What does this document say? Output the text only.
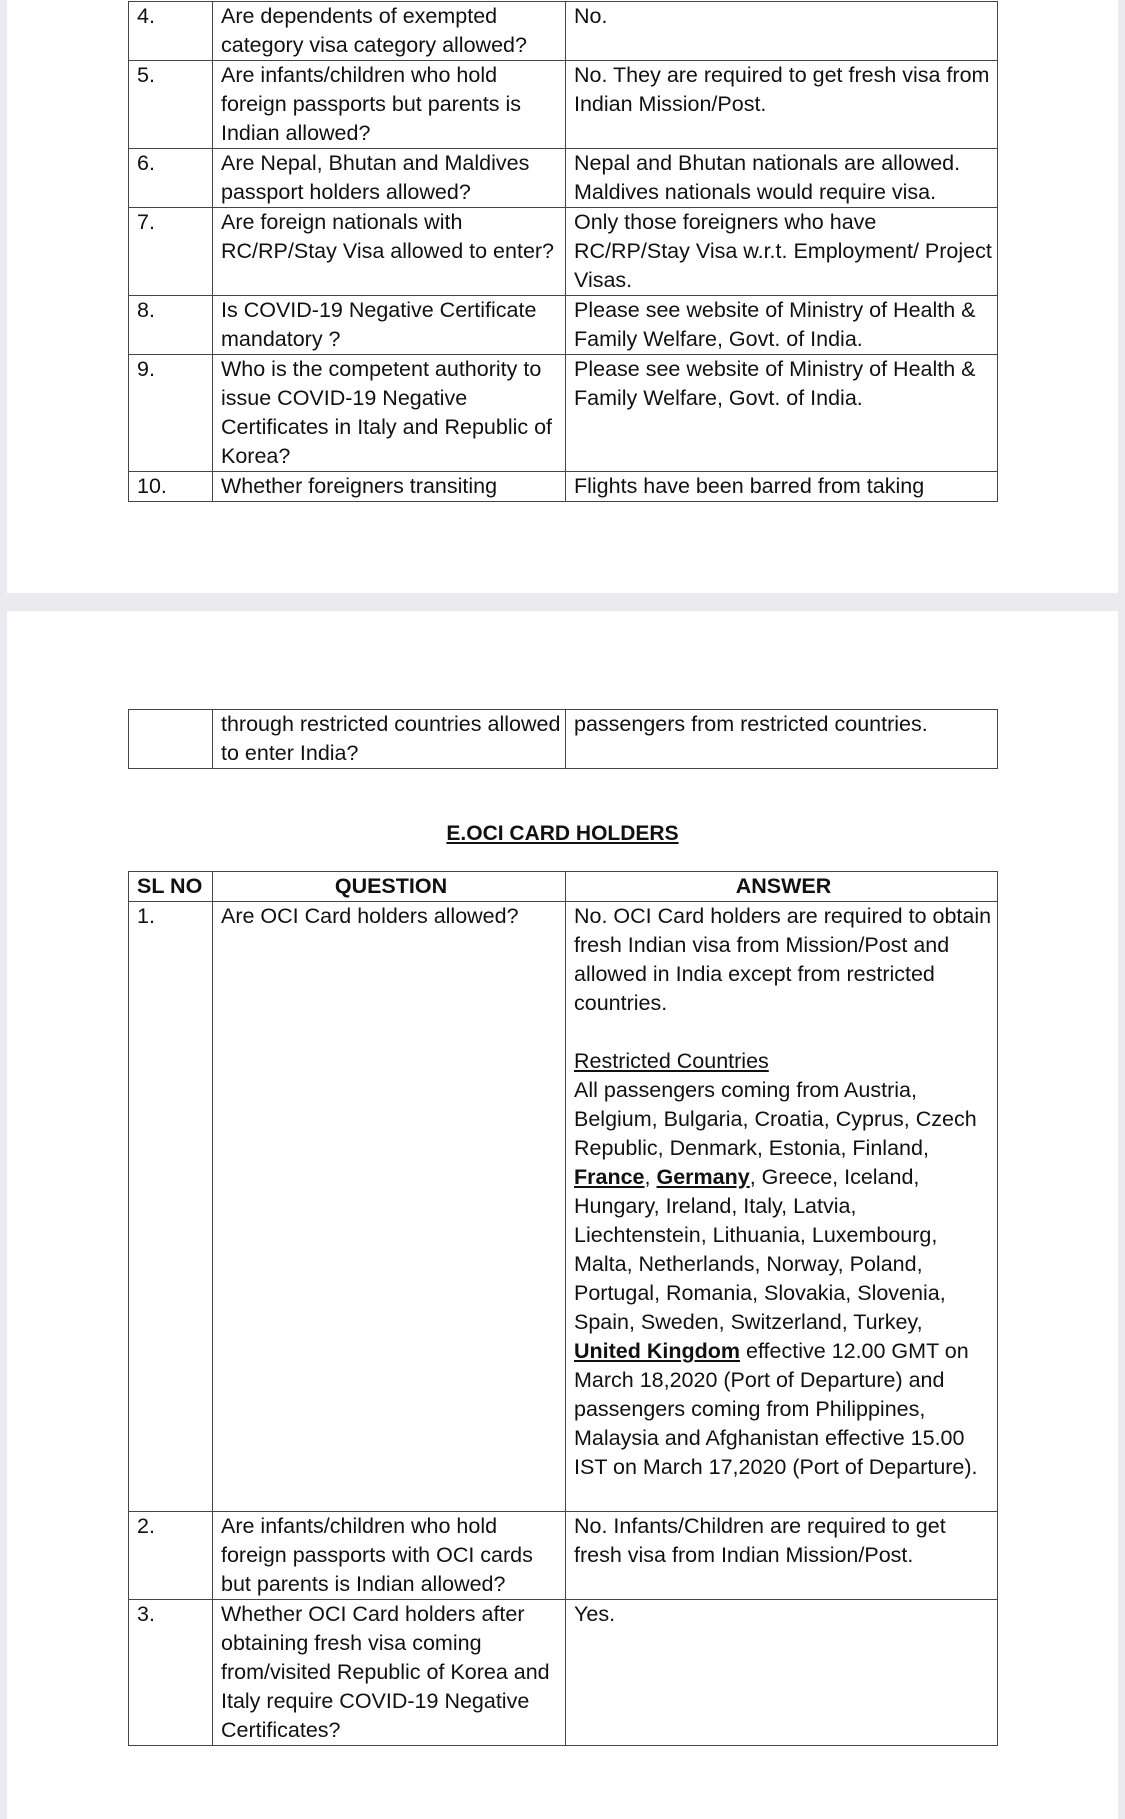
4.	Are dependents of exempted category visa category allowed?	No.
5.	Are infants/children who hold foreign passports but parents is Indian allowed?	No. They are required to get fresh visa from Indian Mission/Post.
6.	Are Nepal, Bhutan and Maldives passport holders allowed?	Nepal and Bhutan nationals are allowed. Maldives nationals would require visa.
7.	Are foreign nationals with RC/RP/Stay Visa allowed to enter?	Only those foreigners who have RC/RP/Stay Visa w.r.t. Employment/ Project Visas.
8.	Is COVID-19 Negative Certificate mandatory ?	Please see website of Ministry of Health & Family Welfare, Govt. of India.
9.	Who is the competent authority to issue COVID-19 Negative Certificates in Italy and Republic of Korea?	Please see website of Ministry of Health & Family Welfare, Govt. of India.
10.	Whether foreigners transiting	Flights have been barred from taking
	through restricted countries allowed to enter India?	passengers from restricted countries.
E.OCI CARD HOLDERS
SL NO	QUESTION	ANSWER
1.	Are OCI Card holders allowed?	No. OCI Card holders are required to obtain fresh Indian visa from Mission/Post and allowed in India except from restricted countries.
Restricted Countries
All passengers coming from Austria, Belgium, Bulgaria, Croatia, Cyprus, Czech Republic, Denmark, Estonia, Finland, France, Germany, Greece, Iceland, Hungary, Ireland, Italy, Latvia, Liechtenstein, Lithuania, Luxembourg, Malta, Netherlands, Norway, Poland, Portugal, Romania, Slovakia, Slovenia, Spain, Sweden, Switzerland, Turkey, United Kingdom effective 12.00 GMT on March 18,2020 (Port of Departure) and passengers coming from Philippines, Malaysia and Afghanistan effective 15.00 IST on March 17,2020 (Port of Departure).

2.	Are infants/children who hold foreign passports with OCI cards but parents is Indian allowed?	No. Infants/Children are required to get fresh visa from Indian Mission/Post.
3.	Whether OCI Card holders after obtaining fresh visa coming from/visited Republic of Korea and Italy require COVID-19 Negative Certificates?	Yes.
